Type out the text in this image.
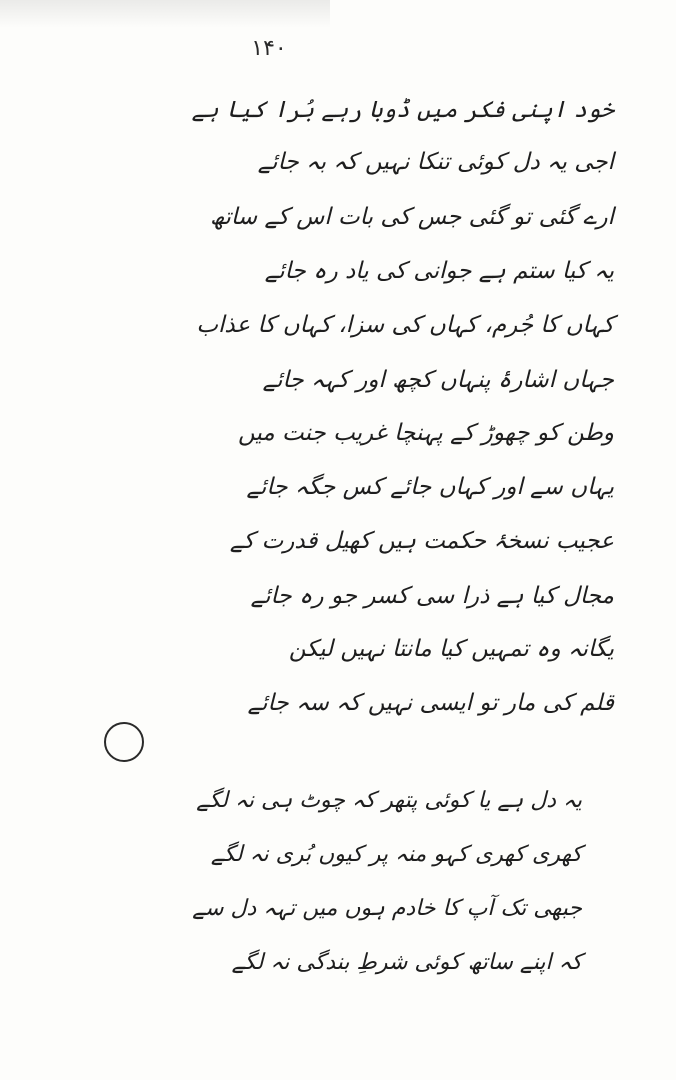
۱۴۰
خود اپنی فکر میں ڈوبا رہے بُرا کیا ہے
اجی یہ دل کوئی تنکا نہیں کہ بہ جائے
ارے گئی تو گئی جس کی بات اس کے ساتھ
یہ کیا ستم ہے جوانی کی یاد رہ جائے
کہاں کا جُرم، کہاں کی سزا، کہاں کا عذاب
جہاں اشارۂ پنہاں کچھ اور کہہ جائے
وطن کو چھوڑ کے پہنچا غریب جنت میں
یہاں سے اور کہاں جائے کس جگہ جائے
عجیب نسخۂ حکمت ہیں کھیل قدرت کے
مجال کیا ہے ذرا سی کسر جو رہ جائے
یگانہ وہ تمہیں کیا مانتا نہیں لیکن
قلم کی مار تو ایسی نہیں کہ سہ جائے
یہ دل ہے یا کوئی پتھر کہ چوٹ ہی نہ لگے
کھری کھری کہو منہ پر کیوں بُری نہ لگے
جبھی تک آپ کا خادم ہوں میں تہہ دل سے
کہ اپنے ساتھ کوئی شرطِ بندگی نہ لگے
